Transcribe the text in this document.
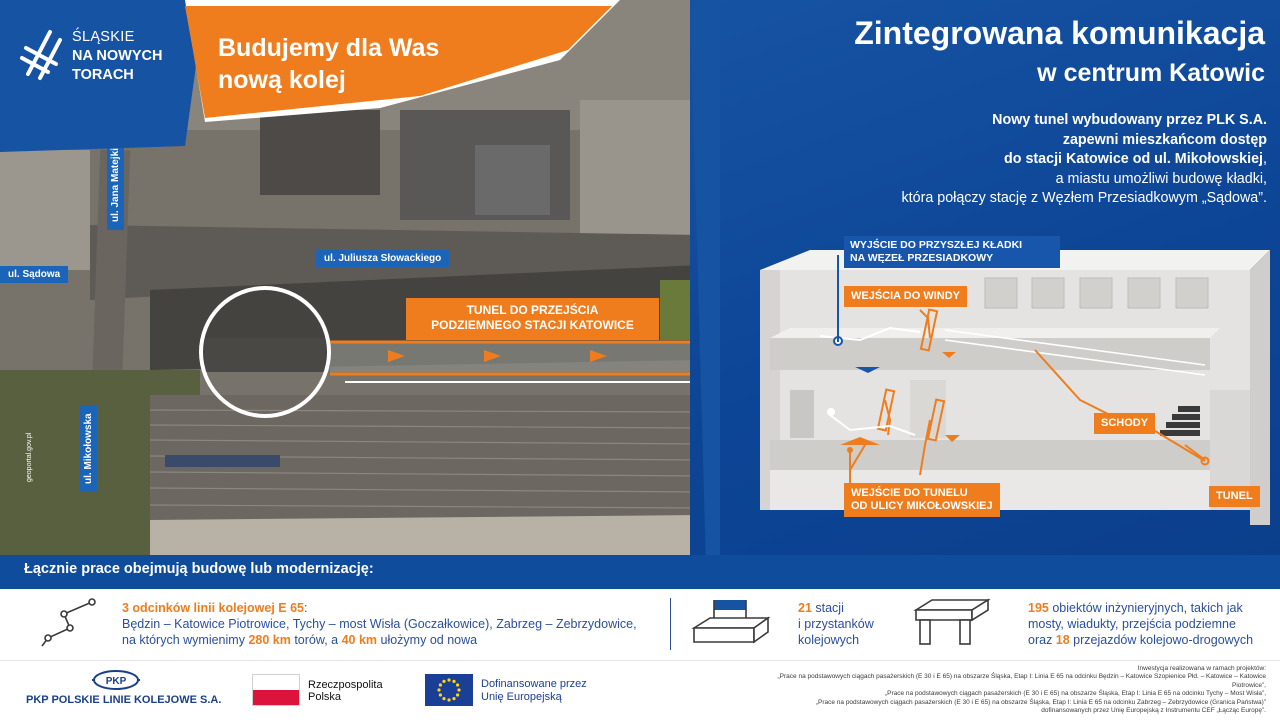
ul. Sądowa
ul. Juliusza Słowackiego
ul. Jana Matejki
ul. Mikołowska
geoportal.gov.pl
TUNEL DO PRZEJŚCIA
PODZIEMNEGO STACJI KATOWICE
ŚLĄSKIE
NA NOWYCH
TORACH
Budujemy dla Was
nową kolej
Zintegrowana komunikacja
w centrum Katowic
Nowy tunel wybudowany przez PLK S.A.
zapewni mieszkańcom dostęp
do stacji Katowice od ul. Mikołowskiej,
a miastu umożliwi budowę kładki,
która połączy stację z Węzłem Przesiadkowym „Sądowa”.
WYJŚCIE DO PRZYSZŁEJ KŁADKI
NA WĘZEŁ PRZESIADKOWY
WEJŚCIA DO WINDY
SCHODY
WEJŚCIE DO TUNELU
OD ULICY MIKOŁOWSKIEJ
TUNEL
Łącznie prace obejmują budowę lub modernizację:
3 odcinków linii kolejowej E 65:
Będzin – Katowice Piotrowice, Tychy – most Wisła (Goczałkowice), Zabrzeg – Zebrzydowice,
na których wymienimy 280 km torów, a 40 km ułożymy od nowa
21 stacji
i przystanków
kolejowych
195 obiektów inżynieryjnych, takich jak
mosty, wiadukty, przejścia podziemne
oraz 18 przejazdów kolejowo-drogowych
PKP
PKP POLSKIE LINIE KOLEJOWE S.A.
Rzeczpospolita
Polska
Dofinansowane przez
Unię Europejską
Inwestycja realizowana w ramach projektów:
„Prace na podstawowych ciągach pasażerskich (E 30 i E 65) na obszarze Śląska, Etap I: Linia E 65 na odcinku Będzin – Katowice Szopienice Płd. – Katowice – Katowice Piotrowice”,
„Prace na podstawowych ciągach pasażerskich (E 30 i E 65) na obszarze Śląska, Etap I: Linia E 65 na odcinku Tychy – Most Wisła”,
„Prace na podstawowych ciągach pasażerskich (E 30 i E 65) na obszarze Śląska, Etap I: Linia E 65 na odcinku Zabrzeg – Zebrzydowice (Granica Państwa)”
dofinansowanych przez Unię Europejską z Instrumentu CEF „Łącząc Europę”.
